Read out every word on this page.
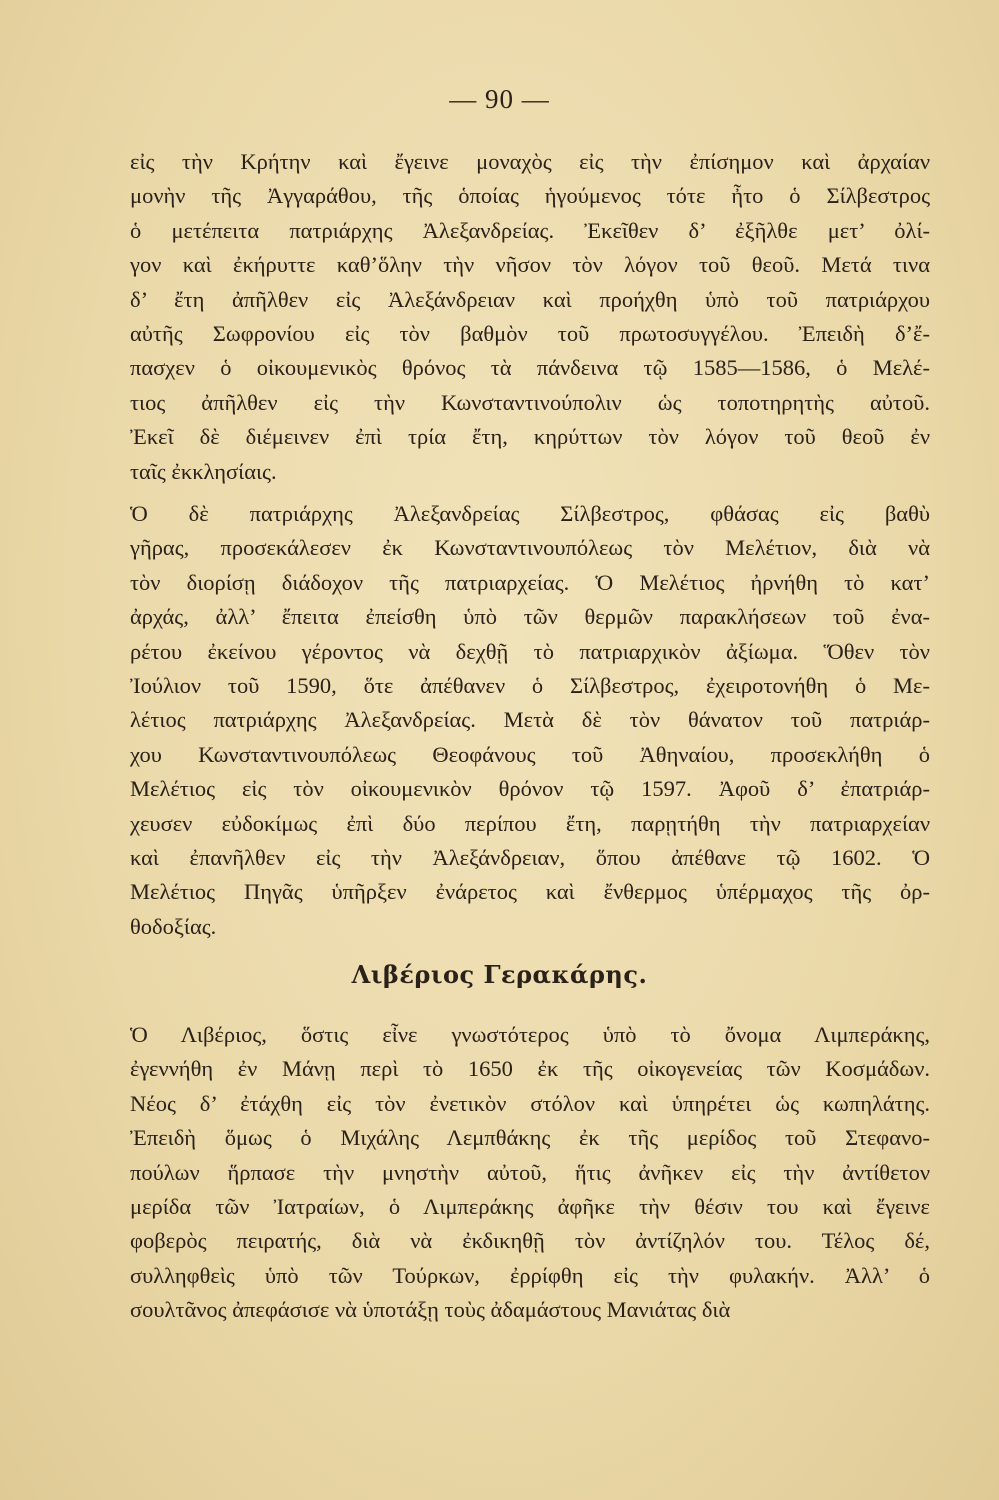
— 90 —
εἰς τὴν Κρήτην καὶ ἔγεινε μοναχὸς εἰς τὴν ἐπίσημον καὶ ἀρχαίαν
μονὴν τῆς Ἀγγαράθου, τῆς ὁποίας ἡγούμενος τότε ἦτο ὁ Σίλβεστρος
ὁ μετέπειτα πατριάρχης Ἀλεξανδρείας. Ἐκεῖθεν δ’ ἐξῆλθε μετ’ ὀλί-
γον καὶ ἐκήρυττε καθ’ὅλην τὴν νῆσον τὸν λόγον τοῦ θεοῦ. Μετά τινα
δ’ ἔτη ἀπῆλθεν εἰς Ἀλεξάνδρειαν καὶ προήχθη ὑπὸ τοῦ πατριάρχου
αὐτῆς Σωφρονίου εἰς τὸν βαθμὸν τοῦ πρωτοσυγγέλου. Ἐπειδὴ δ’ἔ-
πασχεν ὁ οἰκουμενικὸς θρόνος τὰ πάνδεινα τῷ 1585—1586, ὁ Μελέ-
τιος ἀπῆλθεν εἰς τὴν Κωνσταντινούπολιν ὡς τοποτηρητὴς αὐτοῦ.
Ἐκεῖ δὲ διέμεινεν ἐπὶ τρία ἔτη, κηρύττων τὸν λόγον τοῦ θεοῦ ἐν
ταῖς ἐκκλησίαις.
Ὁ δὲ πατριάρχης Ἀλεξανδρείας Σίλβεστρος, φθάσας εἰς βαθὺ
γῆρας, προσεκάλεσεν ἐκ Κωνσταντινουπόλεως τὸν Μελέτιον, διὰ νὰ
τὸν διορίσῃ διάδοχον τῆς πατριαρχείας. Ὁ Μελέτιος ἠρνήθη τὸ κατ’
ἀρχάς, ἀλλ’ ἔπειτα ἐπείσθη ὑπὸ τῶν θερμῶν παρακλήσεων τοῦ ἐνα-
ρέτου ἐκείνου γέροντος νὰ δεχθῇ τὸ πατριαρχικὸν ἀξίωμα. Ὅθεν τὸν
Ἰούλιον τοῦ 1590, ὅτε ἀπέθανεν ὁ Σίλβεστρος, ἐχειροτονήθη ὁ Με-
λέτιος πατριάρχης Ἀλεξανδρείας. Μετὰ δὲ τὸν θάνατον τοῦ πατριάρ-
χου Κωνσταντινουπόλεως Θεοφάνους τοῦ Ἀθηναίου, προσεκλήθη ὁ
Μελέτιος εἰς τὸν οἰκουμενικὸν θρόνον τῷ 1597. Ἀφοῦ δ’ ἐπατριάρ-
χευσεν εὐδοκίμως ἐπὶ δύο περίπου ἔτη, παρῃτήθη τὴν πατριαρχείαν
καὶ ἐπανῆλθεν εἰς τὴν Ἀλεξάνδρειαν, ὅπου ἀπέθανε τῷ 1602. Ὁ
Μελέτιος Πηγᾶς ὑπῆρξεν ἐνάρετος καὶ ἔνθερμος ὑπέρμαχος τῆς ὀρ-
θοδοξίας.
Λιβέριος Γερακάρης.
Ὁ Λιβέριος, ὅστις εἶνε γνωστότερος ὑπὸ τὸ ὄνομα Λιμπεράκης,
ἐγεννήθη ἐν Μάνῃ περὶ τὸ 1650 ἐκ τῆς οἰκογενείας τῶν Κοσμάδων.
Νέος δ’ ἐτάχθη εἰς τὸν ἐνετικὸν στόλον καὶ ὑπηρέτει ὡς κωπηλάτης.
Ἐπειδὴ ὅμως ὁ Μιχάλης Λεμπθάκης ἐκ τῆς μερίδος τοῦ Στεφανο-
πούλων ἥρπασε τὴν μνηστὴν αὐτοῦ, ἥτις ἀνῆκεν εἰς τὴν ἀντίθετον
μερίδα τῶν Ἰατραίων, ὁ Λιμπεράκης ἀφῆκε τὴν θέσιν του καὶ ἔγεινε
φοβερὸς πειρατής, διὰ νὰ ἐκδικηθῇ τὸν ἀντίζηλόν του. Τέλος δέ,
συλληφθεὶς ὑπὸ τῶν Τούρκων, ἐρρίφθη εἰς τὴν φυλακήν. Ἀλλ’ ὁ
σουλτᾶνος ἀπεφάσισε νὰ ὑποτάξῃ τοὺς ἀδαμάστους Μανιάτας διὰ
